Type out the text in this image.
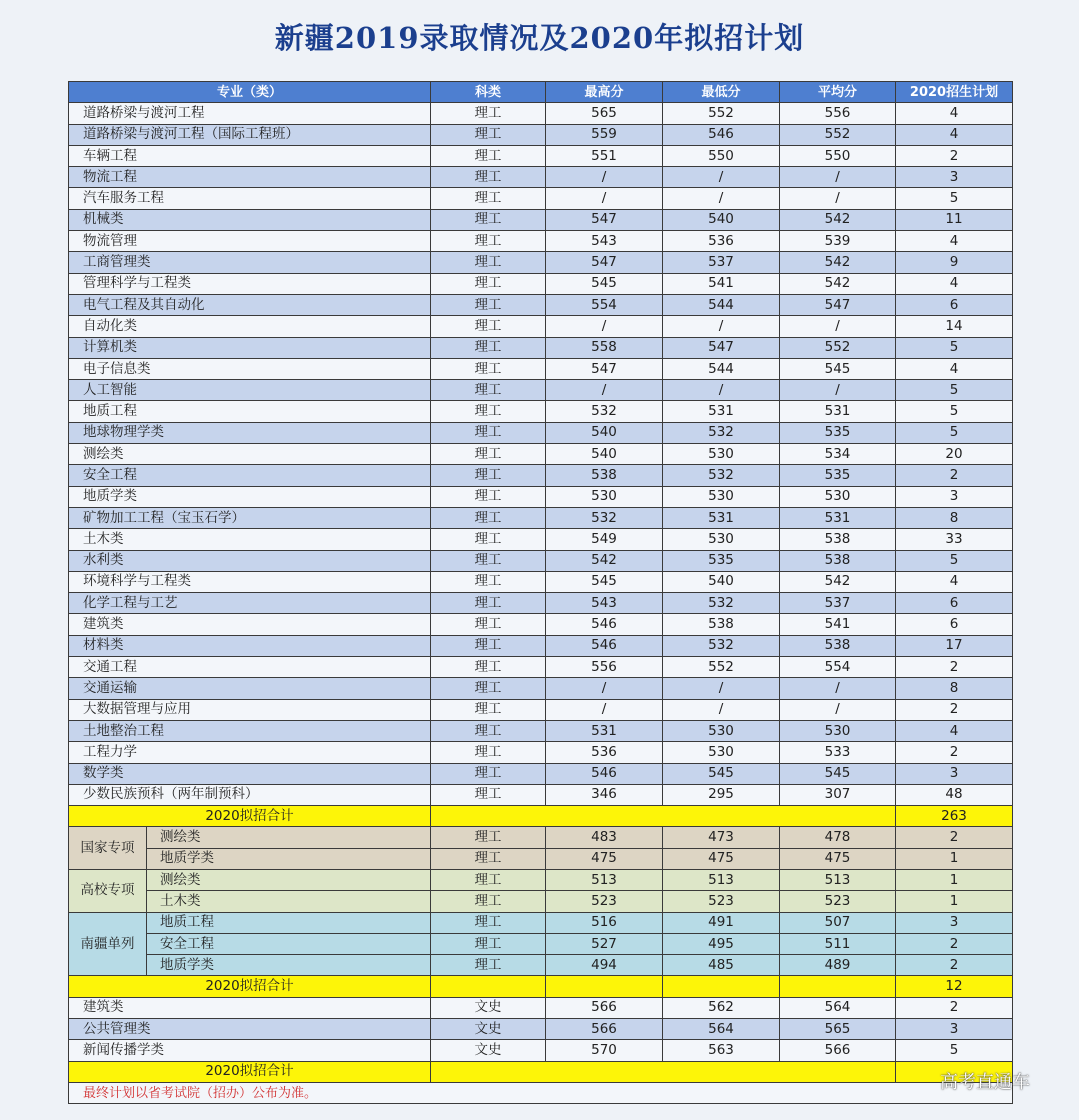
新疆2019录取情况及2020年拟招计划
专业（类）		科类	最高分	最低分	平均分	2020招生计划
道路桥梁与渡河工程		理工	565	552	556	4
道路桥梁与渡河工程（国际工程班）		理工	559	546	552	4
车辆工程		理工	551	550	550	2
物流工程		理工	/	/	/	3
汽车服务工程		理工	/	/	/	5
机械类		理工	547	540	542	11
物流管理		理工	543	536	539	4
工商管理类		理工	547	537	542	9
管理科学与工程类		理工	545	541	542	4
电气工程及其自动化		理工	554	544	547	6
自动化类		理工	/	/	/	14
计算机类		理工	558	547	552	5
电子信息类		理工	547	544	545	4
人工智能		理工	/	/	/	5
地质工程		理工	532	531	531	5
地球物理学类		理工	540	532	535	5
测绘类		理工	540	530	534	20
安全工程		理工	538	532	535	2
地质学类		理工	530	530	530	3
矿物加工工程（宝玉石学）		理工	532	531	531	8
土木类		理工	549	530	538	33
水利类		理工	542	535	538	5
环境科学与工程类		理工	545	540	542	4
化学工程与工艺		理工	543	532	537	6
建筑类		理工	546	538	541	6
材料类		理工	546	532	538	17
交通工程		理工	556	552	554	2
交通运输		理工	/	/	/	8
大数据管理与应用		理工	/	/	/	2
土地整治工程		理工	531	530	530	4
工程力学		理工	536	530	533	2
数学类		理工	546	545	545	3
少数民族预科（两年制预科）		理工	346	295	307	48
2020拟招合计						263
国家专项	测绘类	理工	483	473	478	2
	地质学类	理工	475	475	475	1
高校专项	测绘类	理工	513	513	513	1
	土木类	理工	523	523	523	1
南疆单列	地质工程	理工	516	491	507	3
	安全工程	理工	527	495	511	2
	地质学类	理工	494	485	489	2
2020拟招合计						12
建筑类		文史	566	562	564	2
公共管理类		文史	566	564	565	3
新闻传播学类		文史	570	563	566	5
2020拟招合计						
最终计划以省考试院（招办）公布为准。						
高考直通车
